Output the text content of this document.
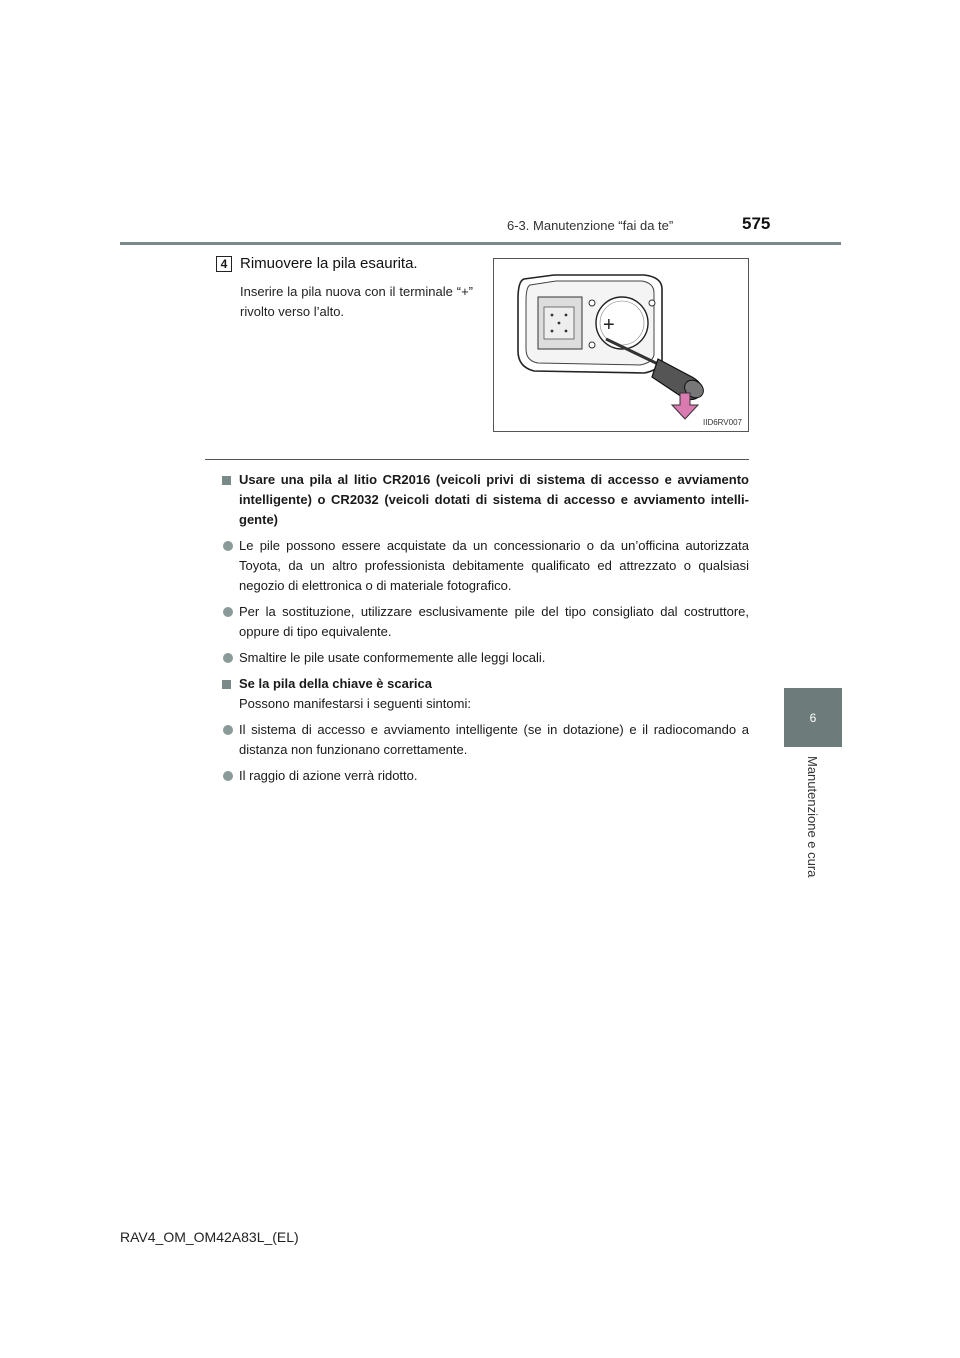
6-3. Manutenzione “fai da te”	575
6
Manutenzione e cura
4 Rimuovere la pila esaurita.
Inserire la pila nuova con il terminale “+” rivolto verso l’alto.
+
IID6RV007
Usare una pila al litio CR2016 (veicoli privi di sistema di accesso e avviamento intelligente) o CR2032 (veicoli dotati di sistema di accesso e avviamento intelli-gente)
Le pile possono essere acquistate da un concessionario o da un’officina autorizzata Toyota, da un altro professionista debitamente qualificato ed attrezzato o qualsiasi negozio di elettronica o di materiale fotografico.
Per la sostituzione, utilizzare esclusivamente pile del tipo consigliato dal costruttore, oppure di tipo equivalente.
Smaltire le pile usate conformemente alle leggi locali.
Se la pila della chiave è scarica
Possono manifestarsi i seguenti sintomi:
Il sistema di accesso e avviamento intelligente (se in dotazione) e il radiocomando a distanza non funzionano correttamente.
Il raggio di azione verrà ridotto.
RAV4_OM_OM42A83L_(EL)
